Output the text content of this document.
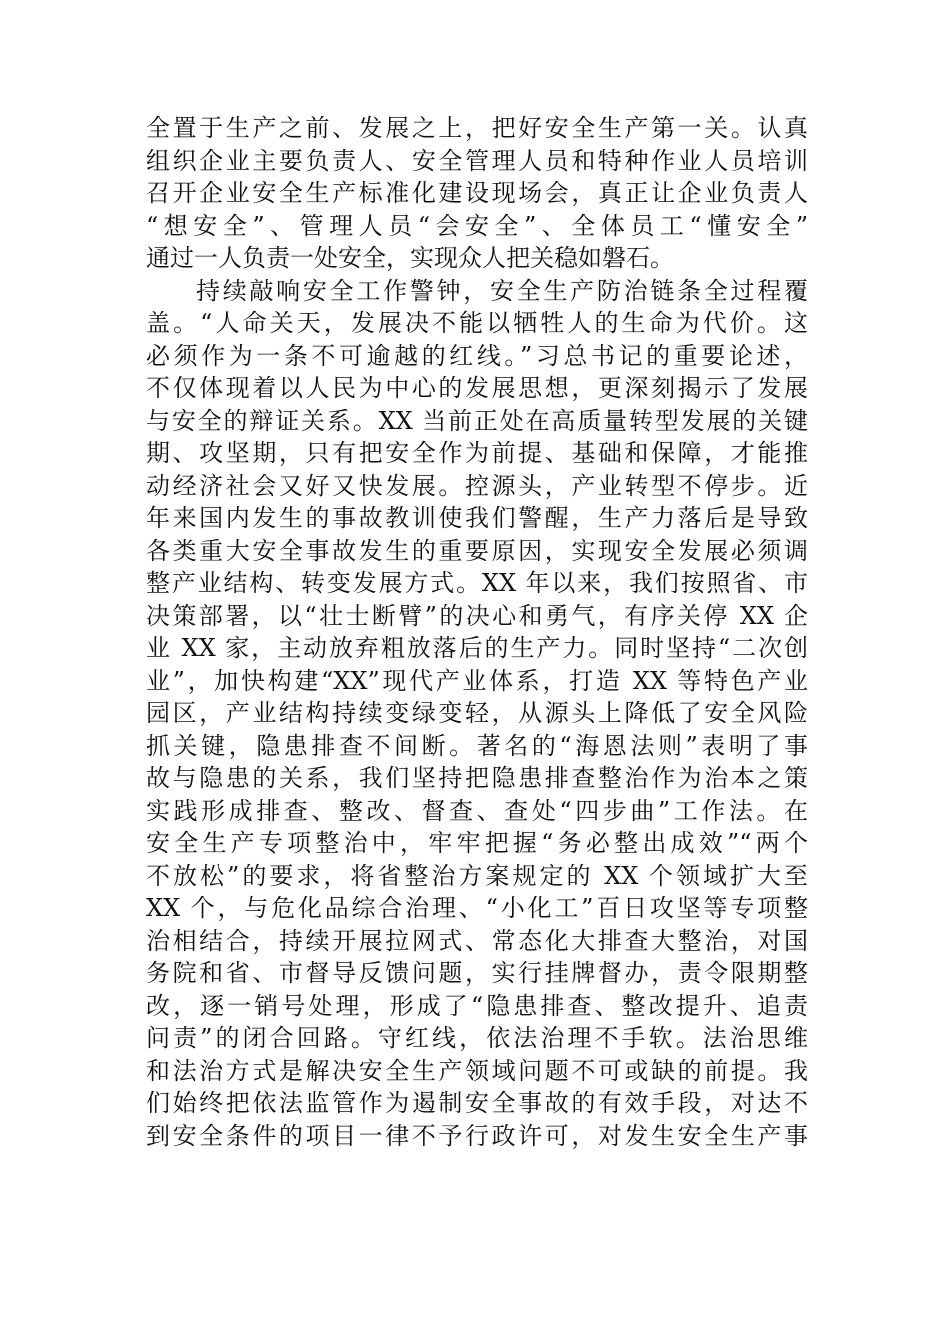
全置于生产之前、发展之上，把好安全生产第一关。认真
组织企业主要负责人、安全管理人员和特种作业人员培训
召开企业安全生产标准化建设现场会，真正让企业负责人
“想安全”、管理人员“会安全”、全体员工“懂安全”
通过一人负责一处安全，实现众人把关稳如磐石。
持续敲响安全工作警钟，安全生产防治链条全过程覆
盖。“人命关天，发展决不能以牺牲人的生命为代价。这
必须作为一条不可逾越的红线。”习总书记的重要论述，
不仅体现着以人民为中心的发展思想，更深刻揭示了发展
与安全的辩证关系。XX 当前正处在高质量转型发展的关键
期、攻坚期，只有把安全作为前提、基础和保障，才能推
动经济社会又好又快发展。控源头，产业转型不停步。近
年来国内发生的事故教训使我们警醒，生产力落后是导致
各类重大安全事故发生的重要原因，实现安全发展必须调
整产业结构、转变发展方式。XX 年以来，我们按照省、市
决策部署，以“壮士断臂”的决心和勇气，有序关停 XX 企
业 XX 家，主动放弃粗放落后的生产力。同时坚持“二次创
业”，加快构建“XX”现代产业体系，打造 XX 等特色产业
园区，产业结构持续变绿变轻，从源头上降低了安全风险
抓关键，隐患排查不间断。著名的“海恩法则”表明了事
故与隐患的关系，我们坚持把隐患排查整治作为治本之策
实践形成排查、整改、督查、查处“四步曲”工作法。在
安全生产专项整治中，牢牢把握“务必整出成效”“两个
不放松”的要求，将省整治方案规定的 XX 个领域扩大至
XX 个，与危化品综合治理、“小化工”百日攻坚等专项整
治相结合，持续开展拉网式、常态化大排查大整治，对国
务院和省、市督导反馈问题，实行挂牌督办，责令限期整
改，逐一销号处理，形成了“隐患排查、整改提升、追责
问责”的闭合回路。守红线，依法治理不手软。法治思维
和法治方式是解决安全生产领域问题不可或缺的前提。我
们始终把依法监管作为遏制安全事故的有效手段，对达不
到安全条件的项目一律不予行政许可，对发生安全生产事
